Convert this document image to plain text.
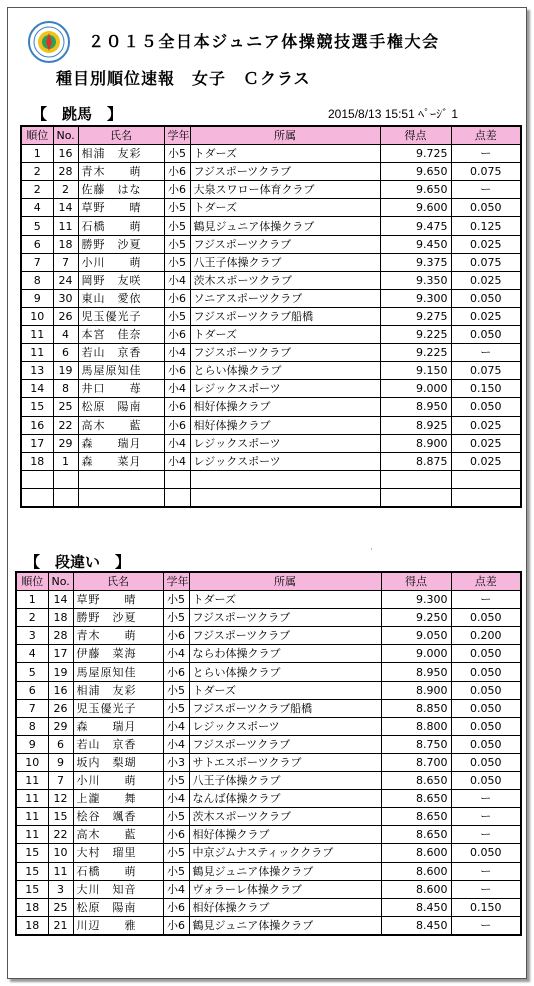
２０１５全日本ジュニア体操競技選手権大会
種目別順位速報　女子　Ｃクラス
【　跳馬　】	2015/8/13 15:51 ﾍﾟｰｼﾞ 1
順位	No.	氏名	学年	所属	得点	点差
1	16	相浦　友彩	小5	トダーズ	9.725	ー
2	28	青木　　萌	小6	フジスポーツクラブ	9.650	0.075
2	2	佐藤　はな	小6	大泉スワロー体育クラブ	9.650	ー
4	14	草野　　晴	小5	トダーズ	9.600	0.050
5	11	石橋　　萌	小5	鶴見ジュニア体操クラブ	9.475	0.125
6	18	勝野　沙夏	小5	フジスポーツクラブ	9.450	0.025
7	7	小川　　萌	小5	八王子体操クラブ	9.375	0.075
8	24	岡野　友咲	小4	茨木スポーツクラブ	9.350	0.025
9	30	東山　愛依	小6	ソニアスポーツクラブ	9.300	0.050
10	26	児玉優光子	小5	フジスポーツクラブ船橋	9.275	0.025
11	4	本宮　佳奈	小6	トダーズ	9.225	0.050
11	6	若山　京香	小4	フジスポーツクラブ	9.225	ー
13	19	馬屋原知佳	小6	とらい体操クラブ	9.150	0.075
14	8	井口　　苺	小4	レジックスポーツ	9.000	0.150
15	25	松原　陽南	小6	相好体操クラブ	8.950	0.050
16	22	高木　　藍	小6	相好体操クラブ	8.925	0.025
17	29	森　　瑞月	小4	レジックスポーツ	8.900	0.025
18	1	森　　菜月	小4	レジックスポーツ	8.875	0.025

˙
【　段違い　】
順位	No.	氏名	学年	所属	得点	点差
1	14	草野　　晴	小5	トダーズ	9.300	ー
2	18	勝野　沙夏	小5	フジスポーツクラブ	9.250	0.050
3	28	青木　　萌	小6	フジスポーツクラブ	9.050	0.200
4	17	伊藤　菜海	小4	ならわ体操クラブ	9.000	0.050
5	19	馬屋原知佳	小6	とらい体操クラブ	8.950	0.050
6	16	相浦　友彩	小5	トダーズ	8.900	0.050
7	26	児玉優光子	小5	フジスポーツクラブ船橋	8.850	0.050
8	29	森　　瑞月	小4	レジックスポーツ	8.800	0.050
9	6	若山　京香	小4	フジスポーツクラブ	8.750	0.050
10	9	坂内　梨瑚	小3	サトエスポーツクラブ	8.700	0.050
11	7	小川　　萌	小5	八王子体操クラブ	8.650	0.050
11	12	上瀧　　舞	小4	なんば体操クラブ	8.650	ー
11	15	桧谷　颯香	小5	茨木スポーツクラブ	8.650	ー
11	22	高木　　藍	小6	相好体操クラブ	8.650	ー
15	10	大村　瑠里	小5	中京ジムナスティッククラブ	8.600	0.050
15	11	石橋　　萌	小5	鶴見ジュニア体操クラブ	8.600	ー
15	3	大川　知音	小4	ヴォラーレ体操クラブ	8.600	ー
18	25	松原　陽南	小6	相好体操クラブ	8.450	0.150
18	21	川辺　　雅	小6	鶴見ジュニア体操クラブ	8.450	ー
